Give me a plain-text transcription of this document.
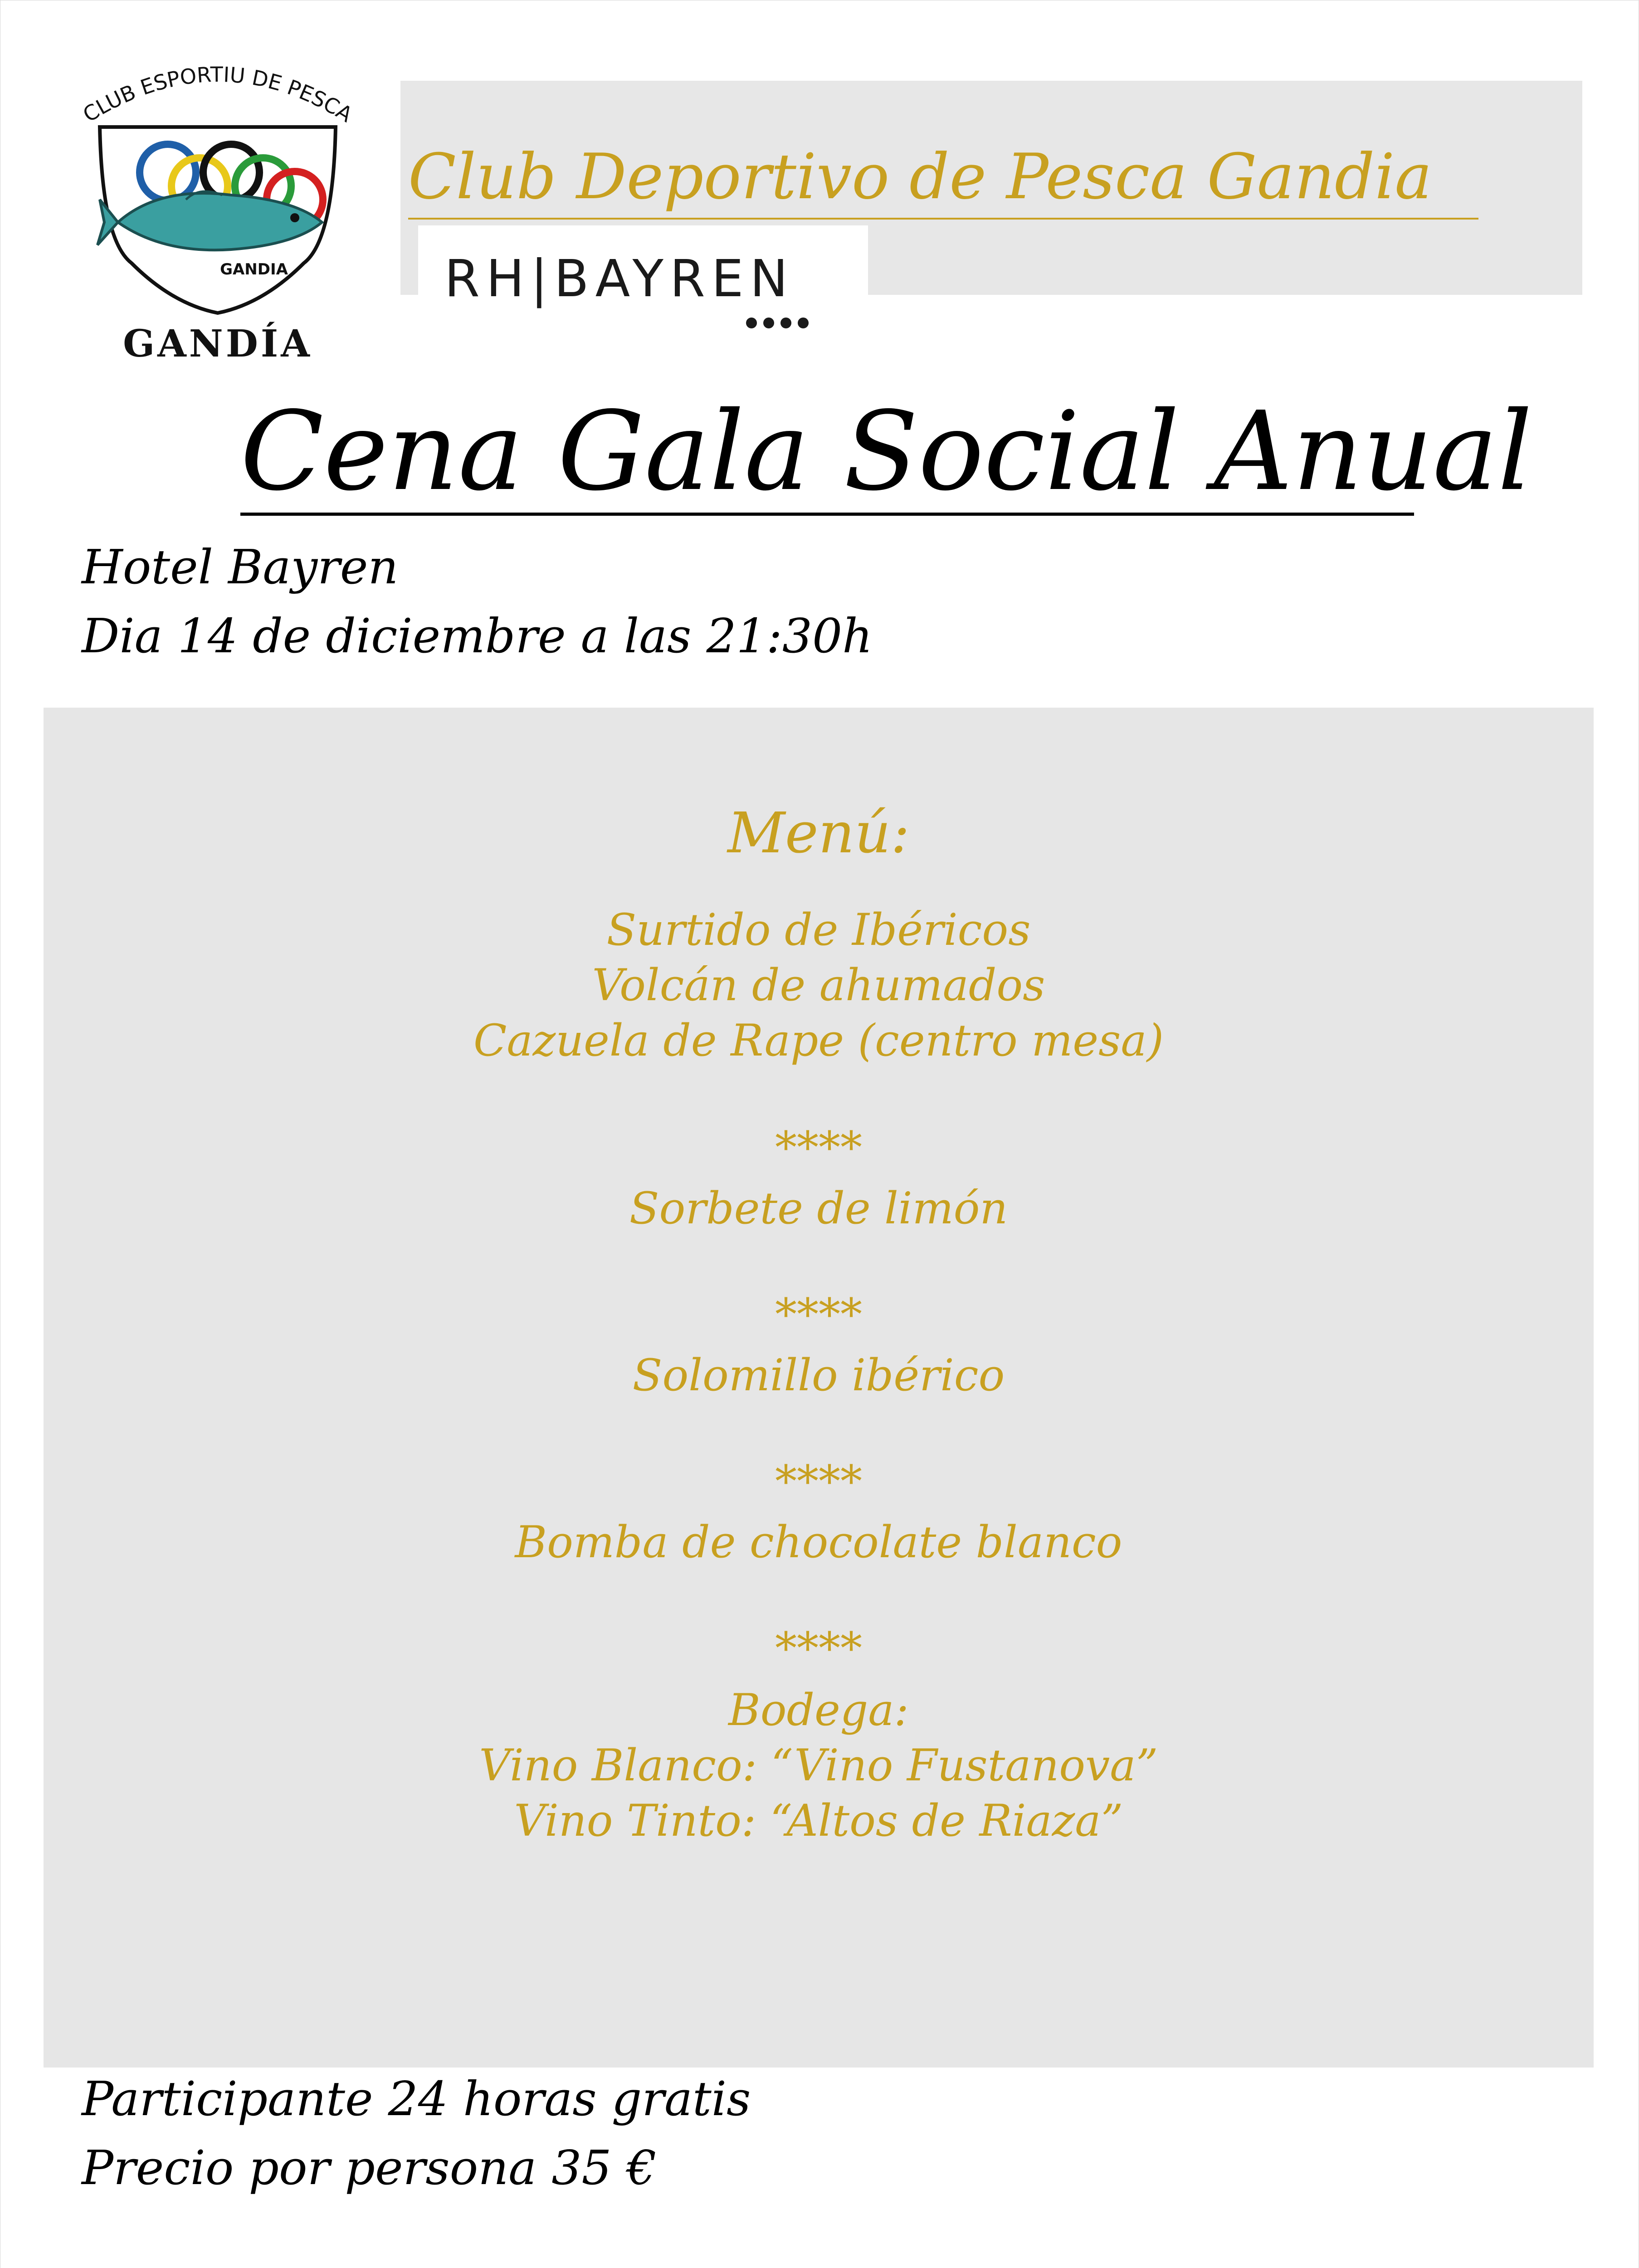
CLUB ESPORTIU DE PESCA
GANDIA
GANDÍA
Club Deportivo de Pesca Gandia
RH|BAYREN
Cena Gala Social Anual
Hotel Bayren
Dia 14 de diciembre a las 21:30h
Menú:
Surtido de Ibéricos
Volcán de ahumados
Cazuela de Rape (centro mesa)
****
Sorbete de limón
****
Solomillo ibérico
****
Bomba de chocolate blanco
****
Bodega:
Vino Blanco: “Vino Fustanova”
Vino Tinto: “Altos de Riaza”
Participante 24 horas gratis
Precio por persona 35 €
